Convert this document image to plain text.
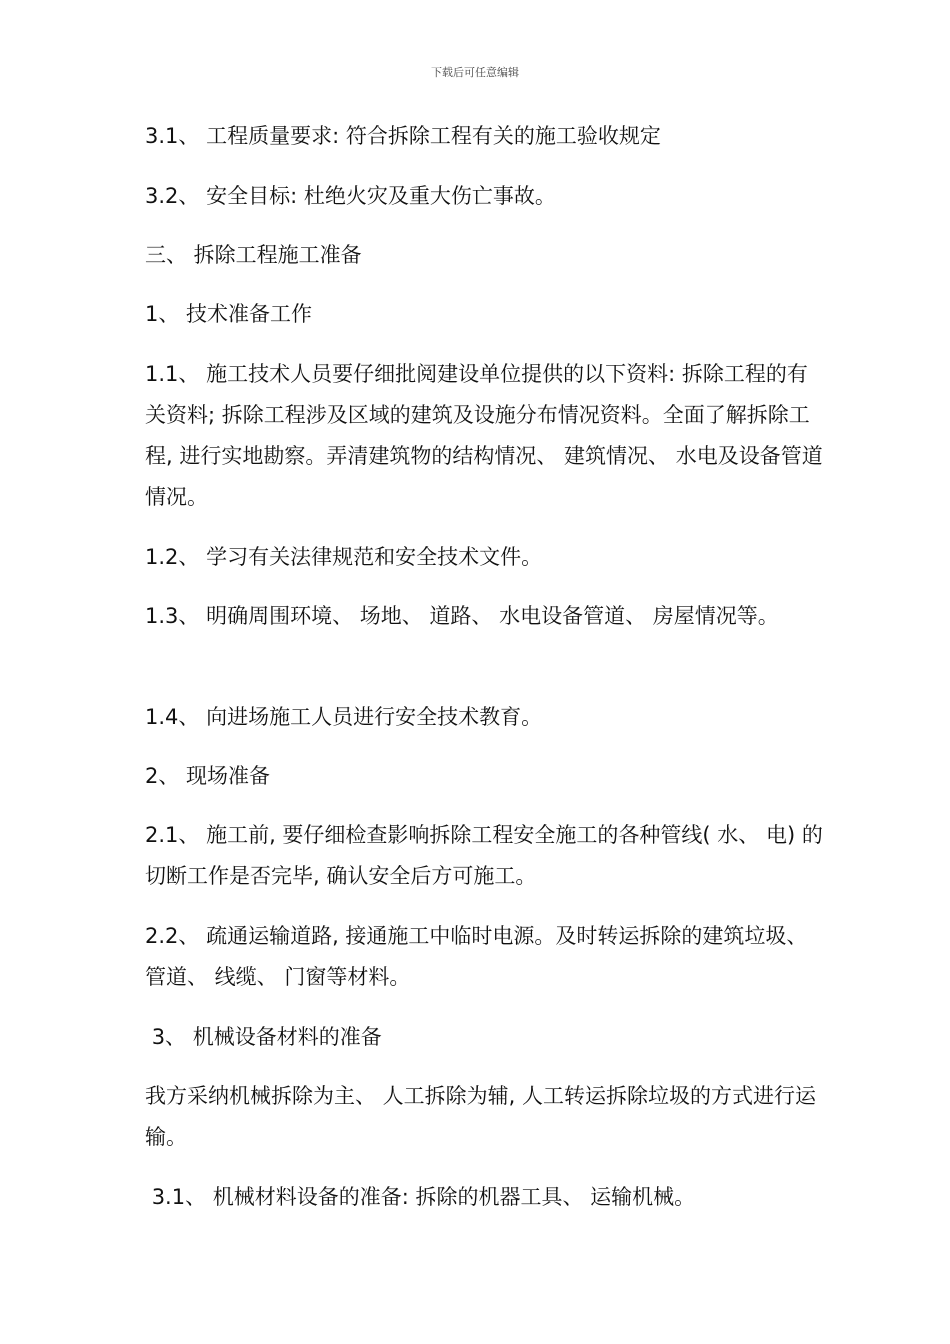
下载后可任意编辑

3.1、 工程质量要求: 符合拆除工程有关的施工验收规定

3.2、 安全目标: 杜绝火灾及重大伤亡事故。

三、 拆除工程施工准备

1、 技术准备工作

1.1、 施工技术人员要仔细批阅建设单位提供的以下资料: 拆除工程的有关资料; 拆除工程涉及区域的建筑及设施分布情况资料。全面了解拆除工程, 进行实地勘察。弄清建筑物的结构情况、 建筑情况、 水电及设备管道情况。

1.2、 学习有关法律规范和安全技术文件。

1.3、 明确周围环境、 场地、 道路、 水电设备管道、 房屋情况等。

1.4、 向进场施工人员进行安全技术教育。

2、 现场准备

2.1、 施工前, 要仔细检查影响拆除工程安全施工的各种管线( 水、 电) 的切断工作是否完毕, 确认安全后方可施工。

2.2、 疏通运输道路, 接通施工中临时电源。及时转运拆除的建筑垃圾、 管道、 线缆、 门窗等材料。

3、 机械设备材料的准备

我方采纳机械拆除为主、 人工拆除为辅, 人工转运拆除垃圾的方式进行运输。

3.1、 机械材料设备的准备: 拆除的机器工具、 运输机械。
